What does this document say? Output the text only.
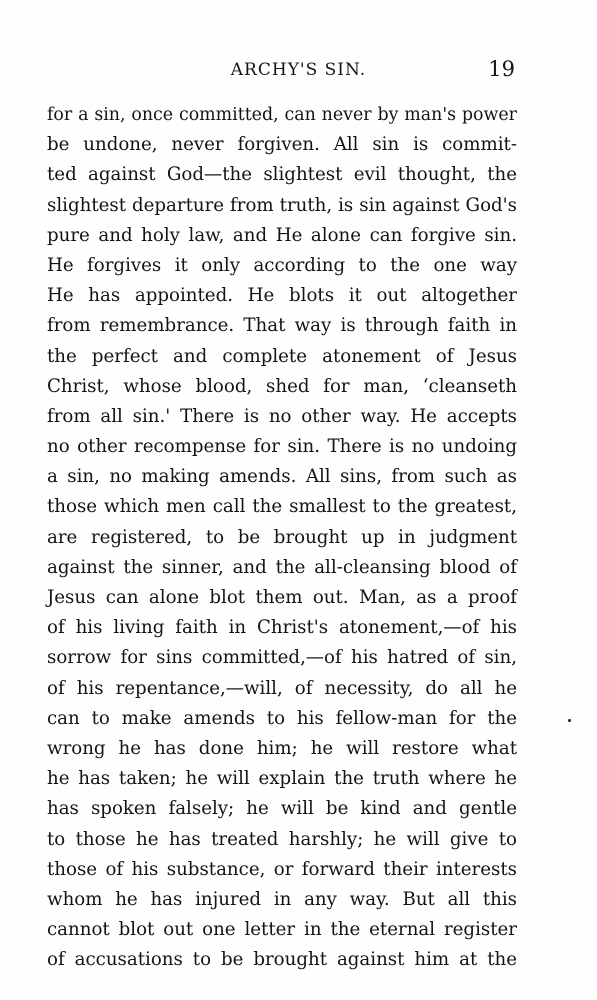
ARCHY'S SIN.	19
for a sin, once committed, can never by man's power
be undone, never forgiven. All sin is commit-
ted against God—the slightest evil thought, the
slightest departure from truth, is sin against God's
pure and holy law, and He alone can forgive sin.
He forgives it only according to the one way
He has appointed. He blots it out altogether
from remembrance. That way is through faith in
the perfect and complete atonement of Jesus
Christ, whose blood, shed for man, ‘cleanseth
from all sin.' There is no other way. He accepts
no other recompense for sin. There is no undoing
a sin, no making amends. All sins, from such as
those which men call the smallest to the greatest,
are registered, to be brought up in judgment
against the sinner, and the all-cleansing blood of
Jesus can alone blot them out. Man, as a proof
of his living faith in Christ's atonement,—of his
sorrow for sins committed,—of his hatred of sin,
of his repentance,—will, of necessity, do all he
can to make amends to his fellow-man for the
wrong he has done him; he will restore what
he has taken; he will explain the truth where he
has spoken falsely; he will be kind and gentle
to those he has treated harshly; he will give to
those of his substance, or forward their interests
whom he has injured in any way. But all this
cannot blot out one letter in the eternal register
of accusations to be brought against him at the
